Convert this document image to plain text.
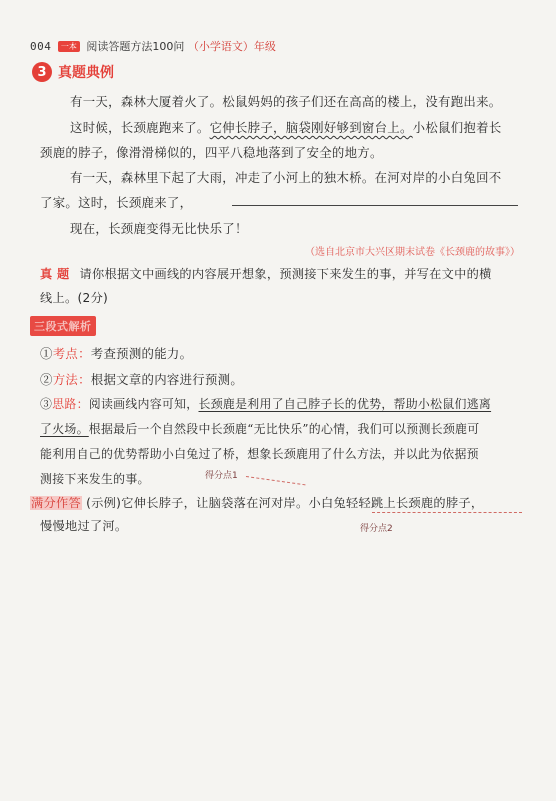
004 一本 阅读答题方法100问 （小学语文）年级
3 真题典例
有一天，森林大厦着火了。松鼠妈妈的孩子们还在高高的楼上，没有跑出来。
这时候，长颈鹿跑来了。它伸长脖子，脑袋刚好够到窗台上。小松鼠们抱着长
颈鹿的脖子，像滑滑梯似的，四平八稳地落到了安全的地方。
有一天，森林里下起了大雨，冲走了小河上的独木桥。在河对岸的小白兔回不
了家。这时，长颈鹿来了，
现在，长颈鹿变得无比快乐了！
（选自北京市大兴区期末试卷《长颈鹿的故事》）
真 题 请你根据文中画线的内容展开想象，预测接下来发生的事，并写在文中的横
线上。(2分)
三段式解析
①考点：考查预测的能力。
②方法：根据文章的内容进行预测。
③思路：阅读画线内容可知，长颈鹿是利用了自己脖子长的优势，帮助小松鼠们逃离
了火场。根据最后一个自然段中长颈鹿“无比快乐”的心情，我们可以预测长颈鹿可
能利用自己的优势帮助小白兔过了桥，想象长颈鹿用了什么方法，并以此为依据预
测接下来发生的事。	得分点1
满分作答 (示例)它伸长脖子，让脑袋落在河对岸。小白兔轻轻跳上长颈鹿的脖子，
慢慢地过了河。	得分点2
